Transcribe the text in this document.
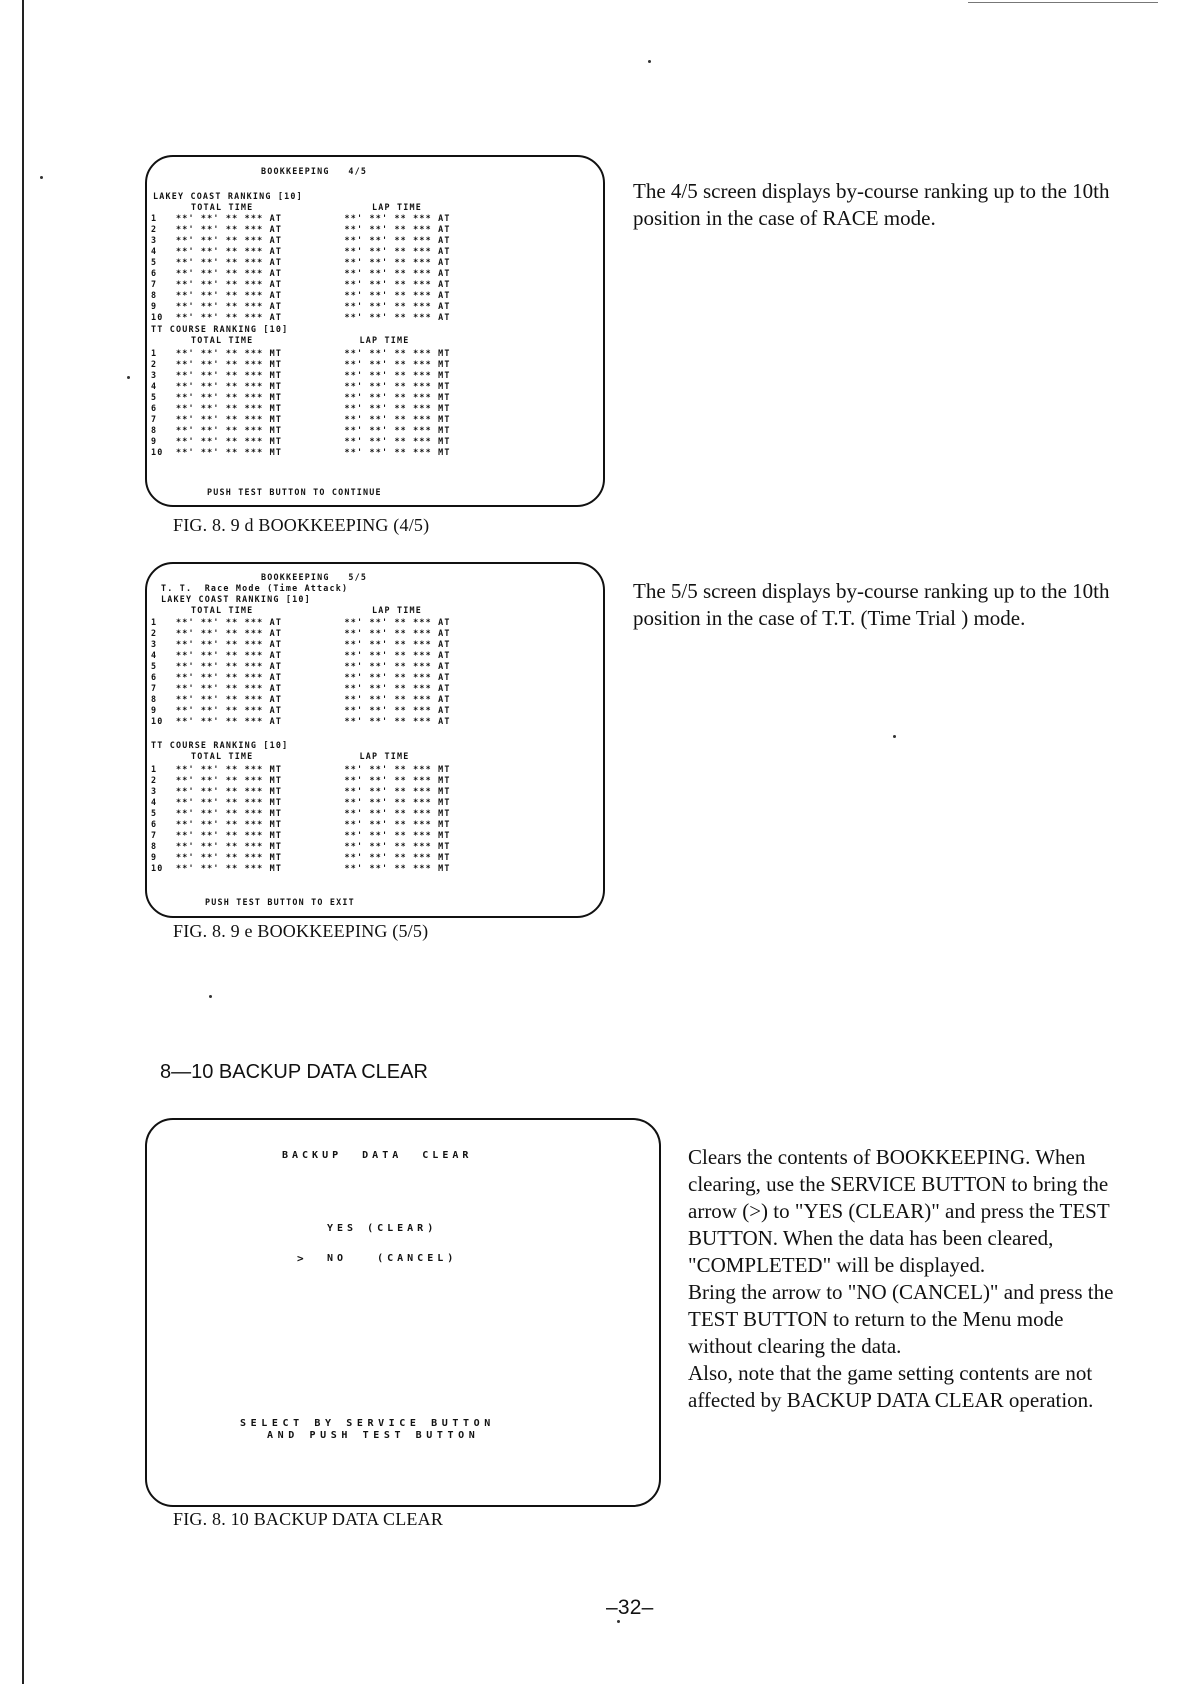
BOOKKEEPING   4/5
LAKEY COAST RANKING [10]
TOTAL TIME                   LAP TIME
1   **' **' ** *** AT          **' **' ** *** AT
2   **' **' ** *** AT          **' **' ** *** AT
3   **' **' ** *** AT          **' **' ** *** AT
4   **' **' ** *** AT          **' **' ** *** AT
5   **' **' ** *** AT          **' **' ** *** AT
6   **' **' ** *** AT          **' **' ** *** AT
7   **' **' ** *** AT          **' **' ** *** AT
8   **' **' ** *** AT          **' **' ** *** AT
9   **' **' ** *** AT          **' **' ** *** AT
10  **' **' ** *** AT          **' **' ** *** AT
TT COURSE RANKING [10]
TOTAL TIME                 LAP TIME
1   **' **' ** *** MT          **' **' ** *** MT
2   **' **' ** *** MT          **' **' ** *** MT
3   **' **' ** *** MT          **' **' ** *** MT
4   **' **' ** *** MT          **' **' ** *** MT
5   **' **' ** *** MT          **' **' ** *** MT
6   **' **' ** *** MT          **' **' ** *** MT
7   **' **' ** *** MT          **' **' ** *** MT
8   **' **' ** *** MT          **' **' ** *** MT
9   **' **' ** *** MT          **' **' ** *** MT
10  **' **' ** *** MT          **' **' ** *** MT
PUSH TEST BUTTON TO CONTINUE
FIG. 8. 9 d BOOKKEEPING (4/5)
The 4/5 screen displays by-course ranking up to the 10th position in the case of RACE mode.
BOOKKEEPING   5/5
T. T.  Race Mode (Time Attack)
LAKEY COAST RANKING [10]
TOTAL TIME                   LAP TIME
1   **' **' ** *** AT          **' **' ** *** AT
2   **' **' ** *** AT          **' **' ** *** AT
3   **' **' ** *** AT          **' **' ** *** AT
4   **' **' ** *** AT          **' **' ** *** AT
5   **' **' ** *** AT          **' **' ** *** AT
6   **' **' ** *** AT          **' **' ** *** AT
7   **' **' ** *** AT          **' **' ** *** AT
8   **' **' ** *** AT          **' **' ** *** AT
9   **' **' ** *** AT          **' **' ** *** AT
10  **' **' ** *** AT          **' **' ** *** AT
TT COURSE RANKING [10]
TOTAL TIME                 LAP TIME
1   **' **' ** *** MT          **' **' ** *** MT
2   **' **' ** *** MT          **' **' ** *** MT
3   **' **' ** *** MT          **' **' ** *** MT
4   **' **' ** *** MT          **' **' ** *** MT
5   **' **' ** *** MT          **' **' ** *** MT
6   **' **' ** *** MT          **' **' ** *** MT
7   **' **' ** *** MT          **' **' ** *** MT
8   **' **' ** *** MT          **' **' ** *** MT
9   **' **' ** *** MT          **' **' ** *** MT
10  **' **' ** *** MT          **' **' ** *** MT
PUSH TEST BUTTON TO EXIT
FIG. 8. 9 e BOOKKEEPING (5/5)
The 5/5 screen displays by-course ranking up to the 10th position in the case of T.T. (Time Trial ) mode.
8—10 BACKUP DATA CLEAR
BACKUP  DATA  CLEAR
YES (CLEAR)
> NO   (CANCEL)
SELECT BY SERVICE BUTTON
AND PUSH TEST BUTTON
FIG. 8. 10 BACKUP DATA CLEAR
Clears the contents of BOOKKEEPING. When clearing, use the SERVICE BUTTON to bring the arrow (>) to "YES (CLEAR)" and press the TEST BUTTON. When the data has been cleared, "COMPLETED" will be displayed.
Bring the arrow to "NO (CANCEL)" and press the TEST BUTTON to return to the Menu mode without clearing the data.
Also, note that the game setting contents are not affected by BACKUP DATA CLEAR operation.
–32–
